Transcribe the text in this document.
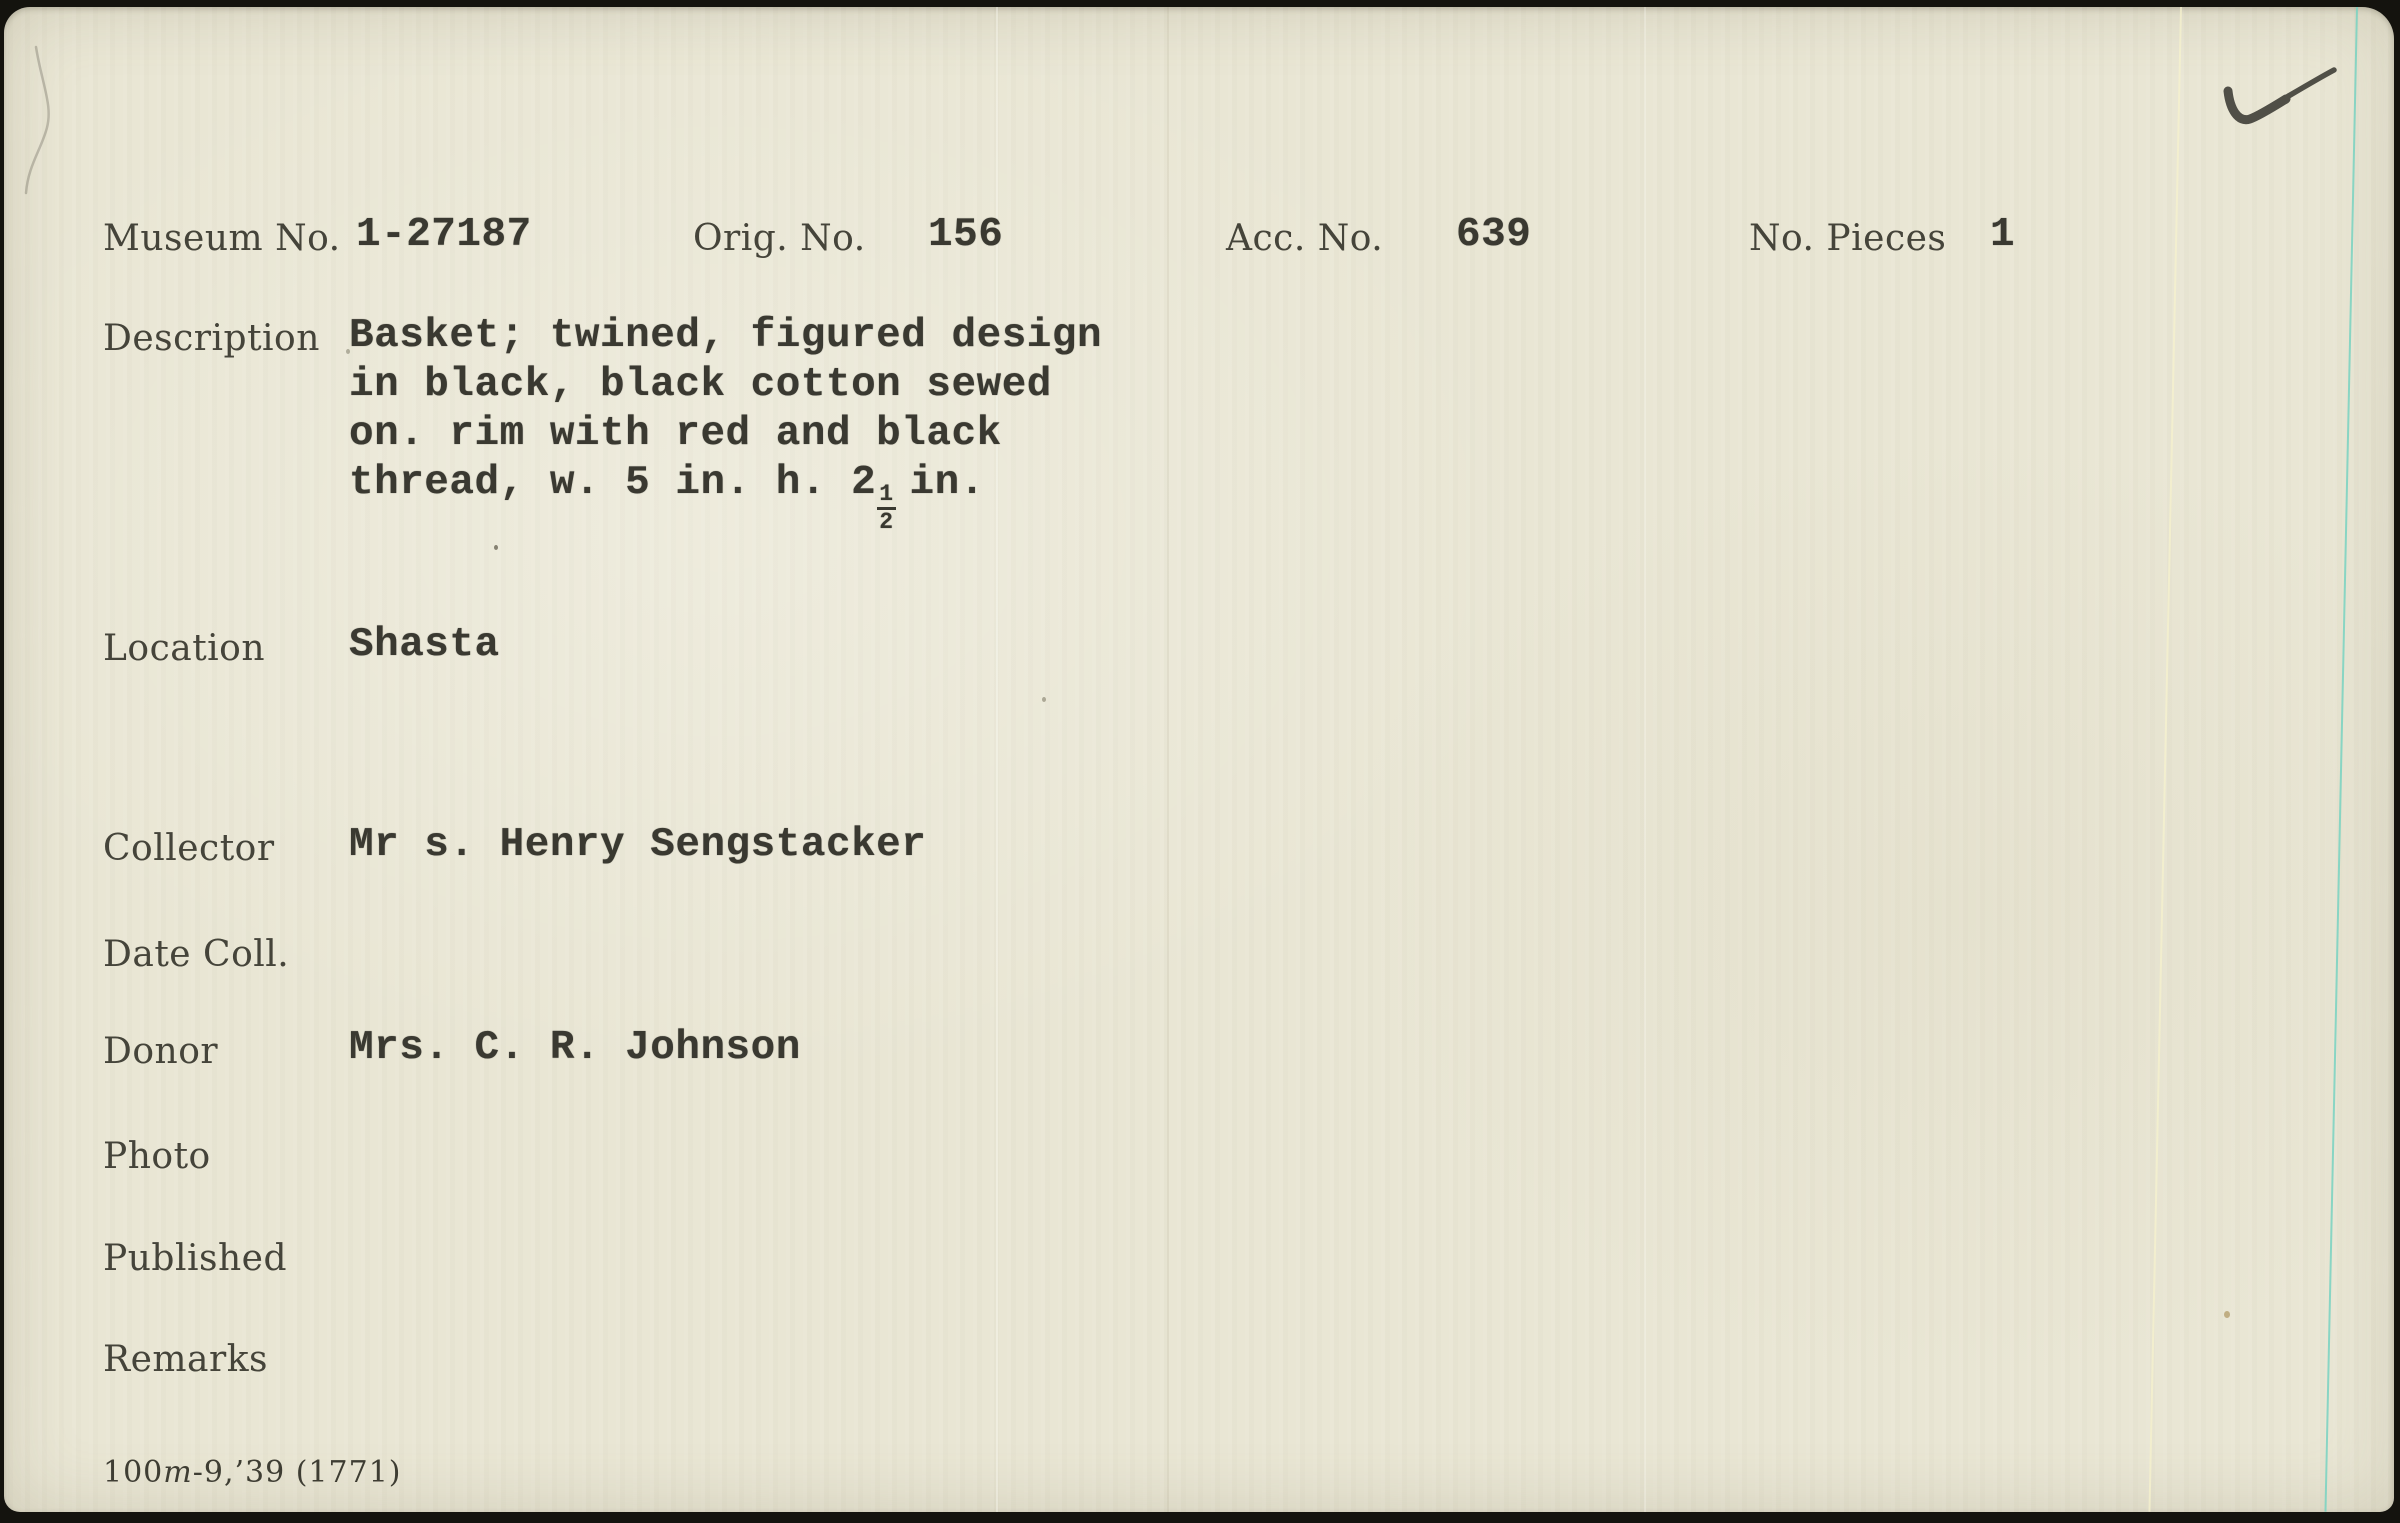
Museum No. 1-27187	Orig. No. 156	Acc. No. 639	No. Pieces 1
Description Basket; twined, figured design
in black, black cotton sewed
on. rim with red and black
thread, w. 5 in. h. $2 \frac{1}{2}$ in.
Location Shasta
Collector Mr s. Henry Sengstacker
Date Coll.
Donor	Mrs. C. R. Johnson
Photo
Published
Remarks
100m-9,’39 (1771)
